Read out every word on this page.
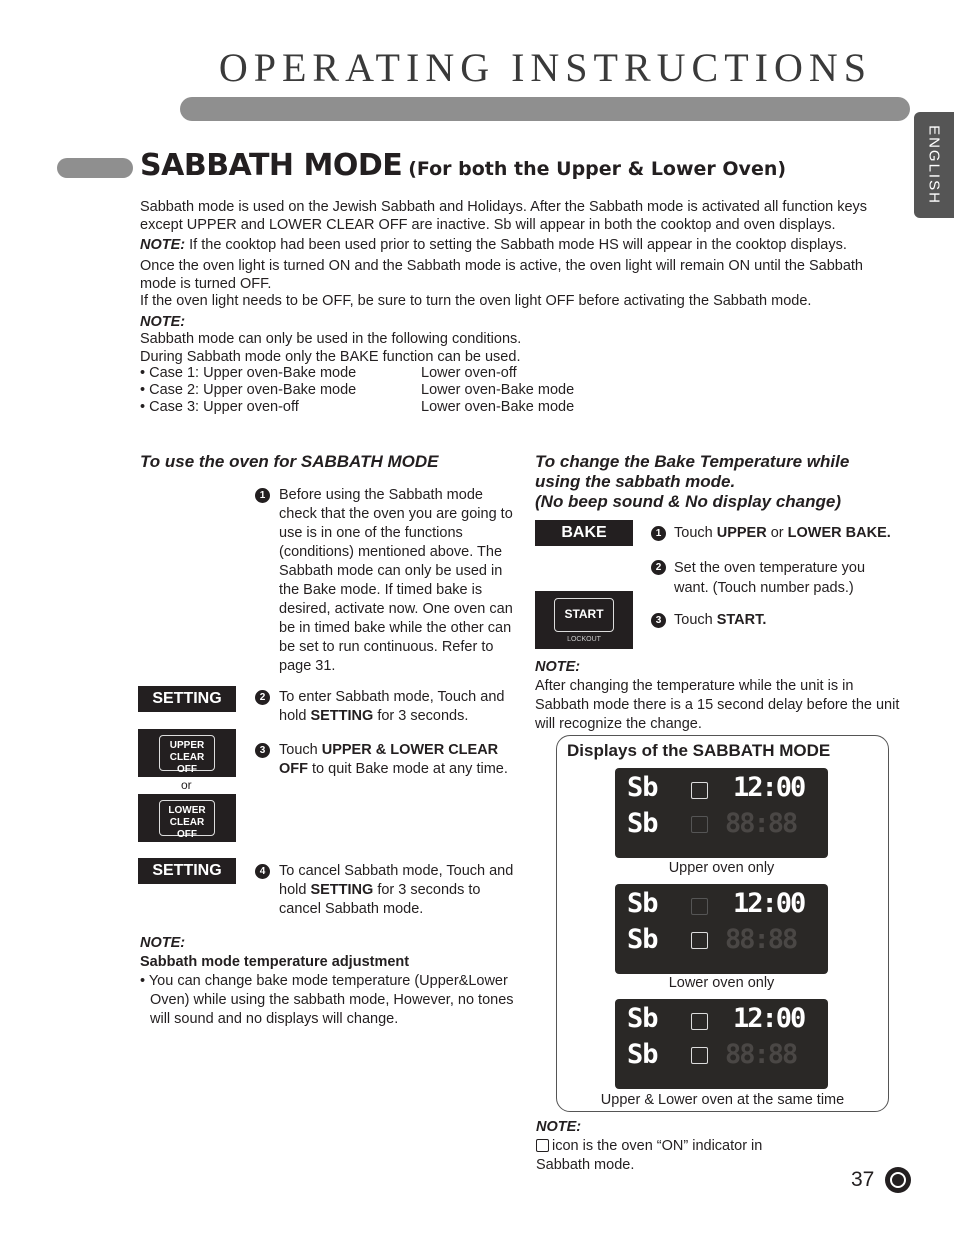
OPERATING INSTRUCTIONS
ENGLISH
SABBATH MODE (For both the Upper & Lower Oven)
Sabbath mode is used on the Jewish Sabbath and Holidays. After the Sabbath mode is activated all function keys except UPPER and LOWER CLEAR OFF are inactive. Sb will appear in both the cooktop and oven displays.
NOTE: If the cooktop had been used prior to setting the Sabbath mode HS will appear in the cooktop displays.
Once the oven light is turned ON and the Sabbath mode is active, the oven light will remain ON until the Sabbath mode is turned OFF.
If the oven light needs to be OFF, be sure to turn the oven light OFF before activating the Sabbath mode.
NOTE:
Sabbath mode can only be used in the following conditions.
During Sabbath mode only the BAKE function can be used.
• Case 1: Upper oven-Bake mode	Lower oven-off
• Case 2: Upper oven-Bake mode	Lower oven-Bake mode
• Case 3: Upper oven-off	Lower oven-Bake mode
To use the oven for SABBATH MODE
1 Before using the Sabbath mode check that the oven you are going to use is in one of the functions (conditions) mentioned above. The Sabbath mode can only be used in the Bake mode. If timed bake is desired, activate now. One oven can be in timed bake while the other can be set to run continuous. Refer to page 31.
SETTING	2 To enter Sabbath mode, Touch and hold SETTING for 3 seconds.
UPPER
CLEAR OFF
or
LOWER
CLEAR OFF
3 Touch UPPER & LOWER CLEAR OFF to quit Bake mode at any time.
SETTING	4 To cancel Sabbath mode, Touch and hold SETTING for 3 seconds to cancel Sabbath mode.
NOTE:
Sabbath mode temperature adjustment
• You can change bake mode temperature (Upper&Lower Oven) while using the sabbath mode, However, no tones will sound and no displays will change.
To change the Bake Temperature while
using the sabbath mode.
(No beep sound & No display change)
BAKE	1 Touch UPPER or LOWER BAKE.
2 Set the oven temperature you want. (Touch number pads.)
START
LOCKOUT
3 Touch START.
NOTE:
After changing the temperature while the unit is in Sabbath mode there is a 15 second delay before the unit will recognize the change.
Displays of the SABBATH MODE
Sb	12:00
Sb 88:88
Upper oven only
Sb	12:00
Sb 88:88
Lower oven only
Sb	12:00
Sb 88:88
Upper & Lower oven at the same time
NOTE:
icon is the oven “ON” indicator in Sabbath mode.
37
